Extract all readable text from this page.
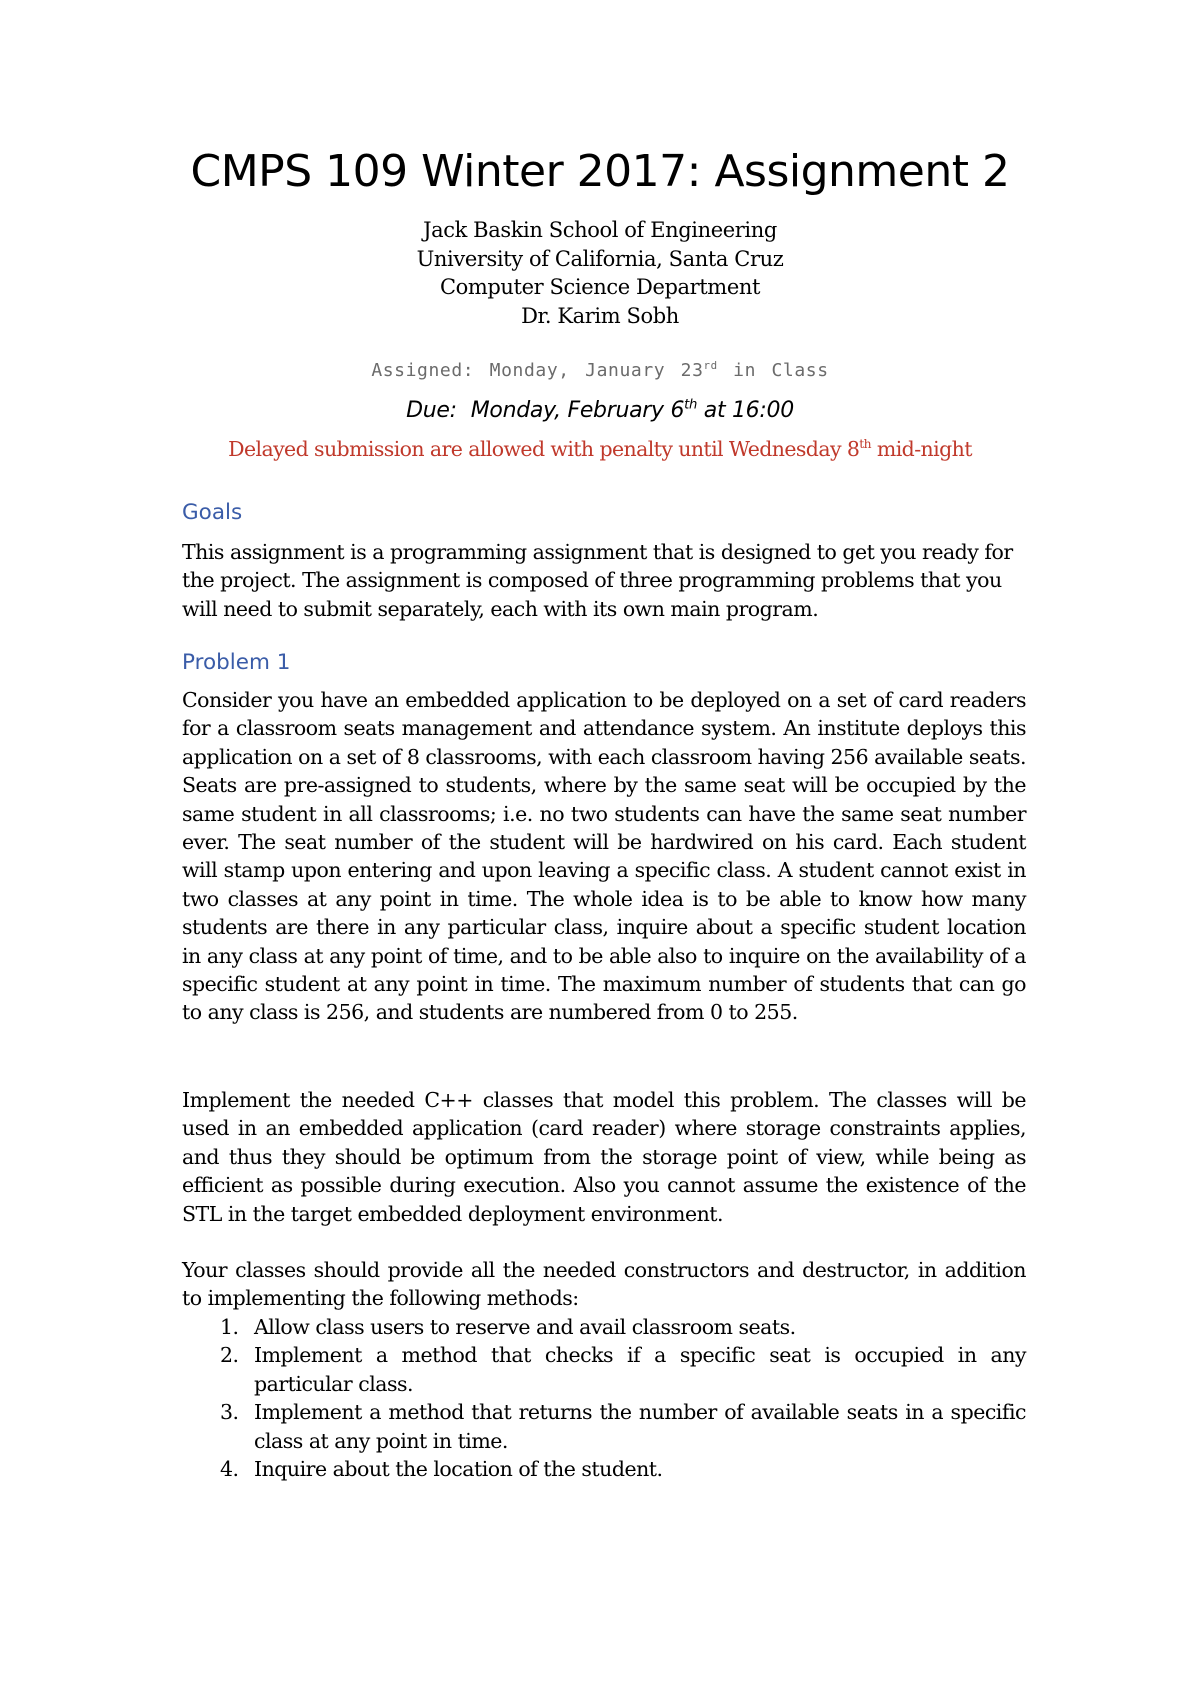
CMPS 109 Winter 2017: Assignment 2
Jack Baskin School of Engineering
University of California, Santa Cruz
Computer Science Department
Dr. Karim Sobh
Assigned: Monday, January 23rd in Class
Due: Monday, February 6th at 16:00
Delayed submission are allowed with penalty until Wednesday 8th mid-night
Goals

This assignment is a programming assignment that is designed to get you ready for the project. The assignment is composed of three programming problems that you will need to submit separately, each with its own main program.

Problem 1

Consider you have an embedded application to be deployed on a set of card readers for a classroom seats management and attendance system. An institute deploys this application on a set of 8 classrooms, with each classroom having 256 available seats. Seats are pre-assigned to students, where by the same seat will be occupied by the same student in all classrooms; i.e. no two students can have the same seat number ever. The seat number of the student will be hardwired on his card. Each student will stamp upon entering and upon leaving a specific class. A student cannot exist in two classes at any point in time. The whole idea is to be able to know how many students are there in any particular class, inquire about a specific student location in any class at any point of time, and to be able also to inquire on the availability of a specific student at any point in time. The maximum number of students that can go to any class is 256, and students are numbered from 0 to 255.

Implement the needed C++ classes that model this problem. The classes will be used in an embedded application (card reader) where storage constraints applies, and thus they should be optimum from the storage point of view, while being as efficient as possible during execution. Also you cannot assume the existence of the STL in the target embedded deployment environment.

Your classes should provide all the needed constructors and destructor, in addition to implementing the following methods:

1. Allow class users to reserve and avail classroom seats.
2. Implement a method that checks if a specific seat is occupied in any particular class.
3. Implement a method that returns the number of available seats in a specific class at any point in time.
4. Inquire about the location of the student.
